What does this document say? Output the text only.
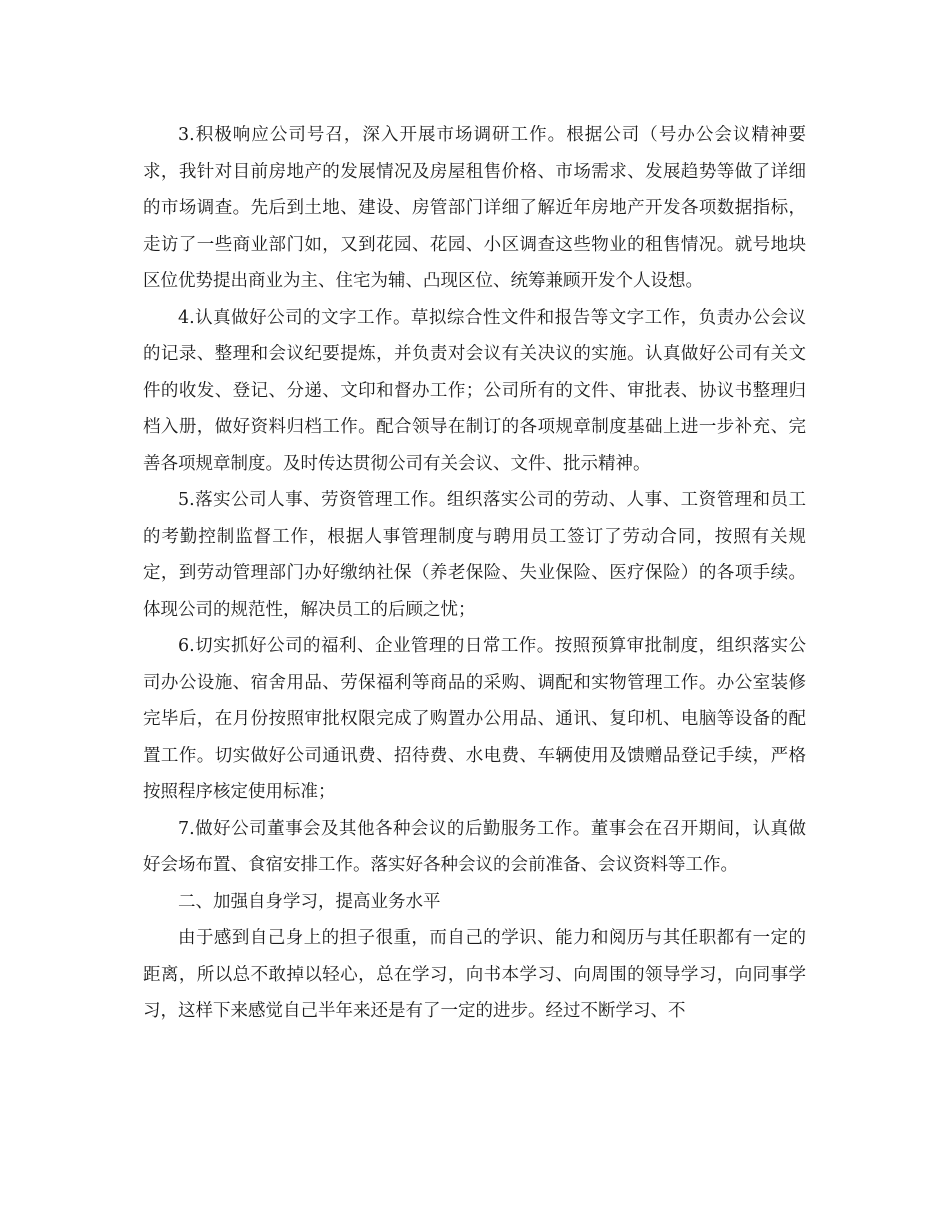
3.积极响应公司号召，深入开展市场调研工作。根据公司（号办公会议精神要求，我针对目前房地产的发展情况及房屋租售价格、市场需求、发展趋势等做了详细的市场调查。先后到土地、建设、房管部门详细了解近年房地产开发各项数据指标，走访了一些商业部门如，又到花园、花园、小区调查这些物业的租售情况。就号地块区位优势提出商业为主、住宅为辅、凸现区位、统筹兼顾开发个人设想。

4.认真做好公司的文字工作。草拟综合性文件和报告等文字工作，负责办公会议的记录、整理和会议纪要提炼，并负责对会议有关决议的实施。认真做好公司有关文件的收发、登记、分递、文印和督办工作；公司所有的文件、审批表、协议书整理归档入册，做好资料归档工作。配合领导在制订的各项规章制度基础上进一步补充、完善各项规章制度。及时传达贯彻公司有关会议、文件、批示精神。

5.落实公司人事、劳资管理工作。组织落实公司的劳动、人事、工资管理和员工的考勤控制监督工作，根据人事管理制度与聘用员工签订了劳动合同，按照有关规定，到劳动管理部门办好缴纳社保（养老保险、失业保险、医疗保险）的各项手续。体现公司的规范性，解决员工的后顾之忧；

6.切实抓好公司的福利、企业管理的日常工作。按照预算审批制度，组织落实公司办公设施、宿舍用品、劳保福利等商品的采购、调配和实物管理工作。办公室装修完毕后，在月份按照审批权限完成了购置办公用品、通讯、复印机、电脑等设备的配置工作。切实做好公司通讯费、招待费、水电费、车辆使用及馈赠品登记手续，严格按照程序核定使用标准；

7.做好公司董事会及其他各种会议的后勤服务工作。董事会在召开期间，认真做好会场布置、食宿安排工作。落实好各种会议的会前准备、会议资料等工作。

二、加强自身学习，提高业务水平

由于感到自己身上的担子很重，而自己的学识、能力和阅历与其任职都有一定的距离，所以总不敢掉以轻心，总在学习，向书本学习、向周围的领导学习，向同事学习，这样下来感觉自己半年来还是有了一定的进步。经过不断学习、不
